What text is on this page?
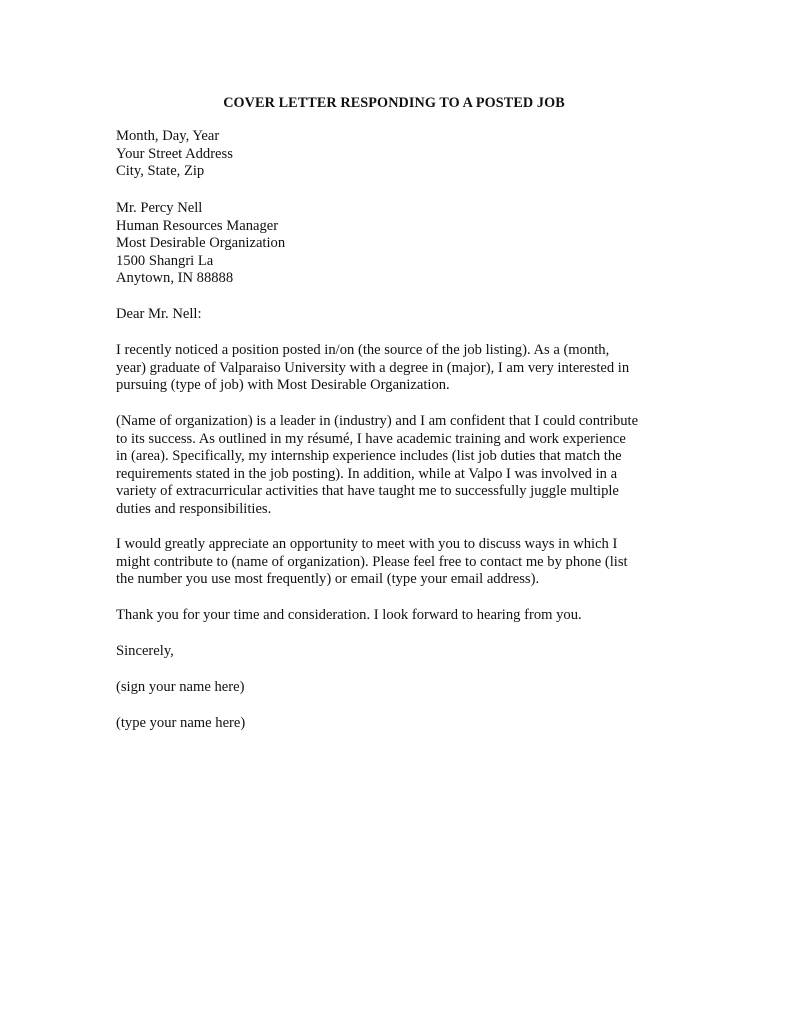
COVER LETTER RESPONDING TO A POSTED JOB
Month, Day, Year
Your Street Address
City, State, Zip
Mr. Percy Nell
Human Resources Manager
Most Desirable Organization
1500 Shangri La
Anytown, IN 88888
Dear Mr. Nell:
I recently noticed a position posted in/on (the source of the job listing). As a (month,
year) graduate of Valparaiso University with a degree in (major), I am very interested in
pursuing (type of job) with Most Desirable Organization.
(Name of organization) is a leader in (industry) and I am confident that I could contribute
to its success. As outlined in my résumé, I have academic training and work experience
in (area). Specifically, my internship experience includes (list job duties that match the
requirements stated in the job posting). In addition, while at Valpo I was involved in a
variety of extracurricular activities that have taught me to successfully juggle multiple
duties and responsibilities.
I would greatly appreciate an opportunity to meet with you to discuss ways in which I
might contribute to (name of organization). Please feel free to contact me by phone (list
the number you use most frequently) or email (type your email address).
Thank you for your time and consideration. I look forward to hearing from you.
Sincerely,
(sign your name here)
(type your name here)
